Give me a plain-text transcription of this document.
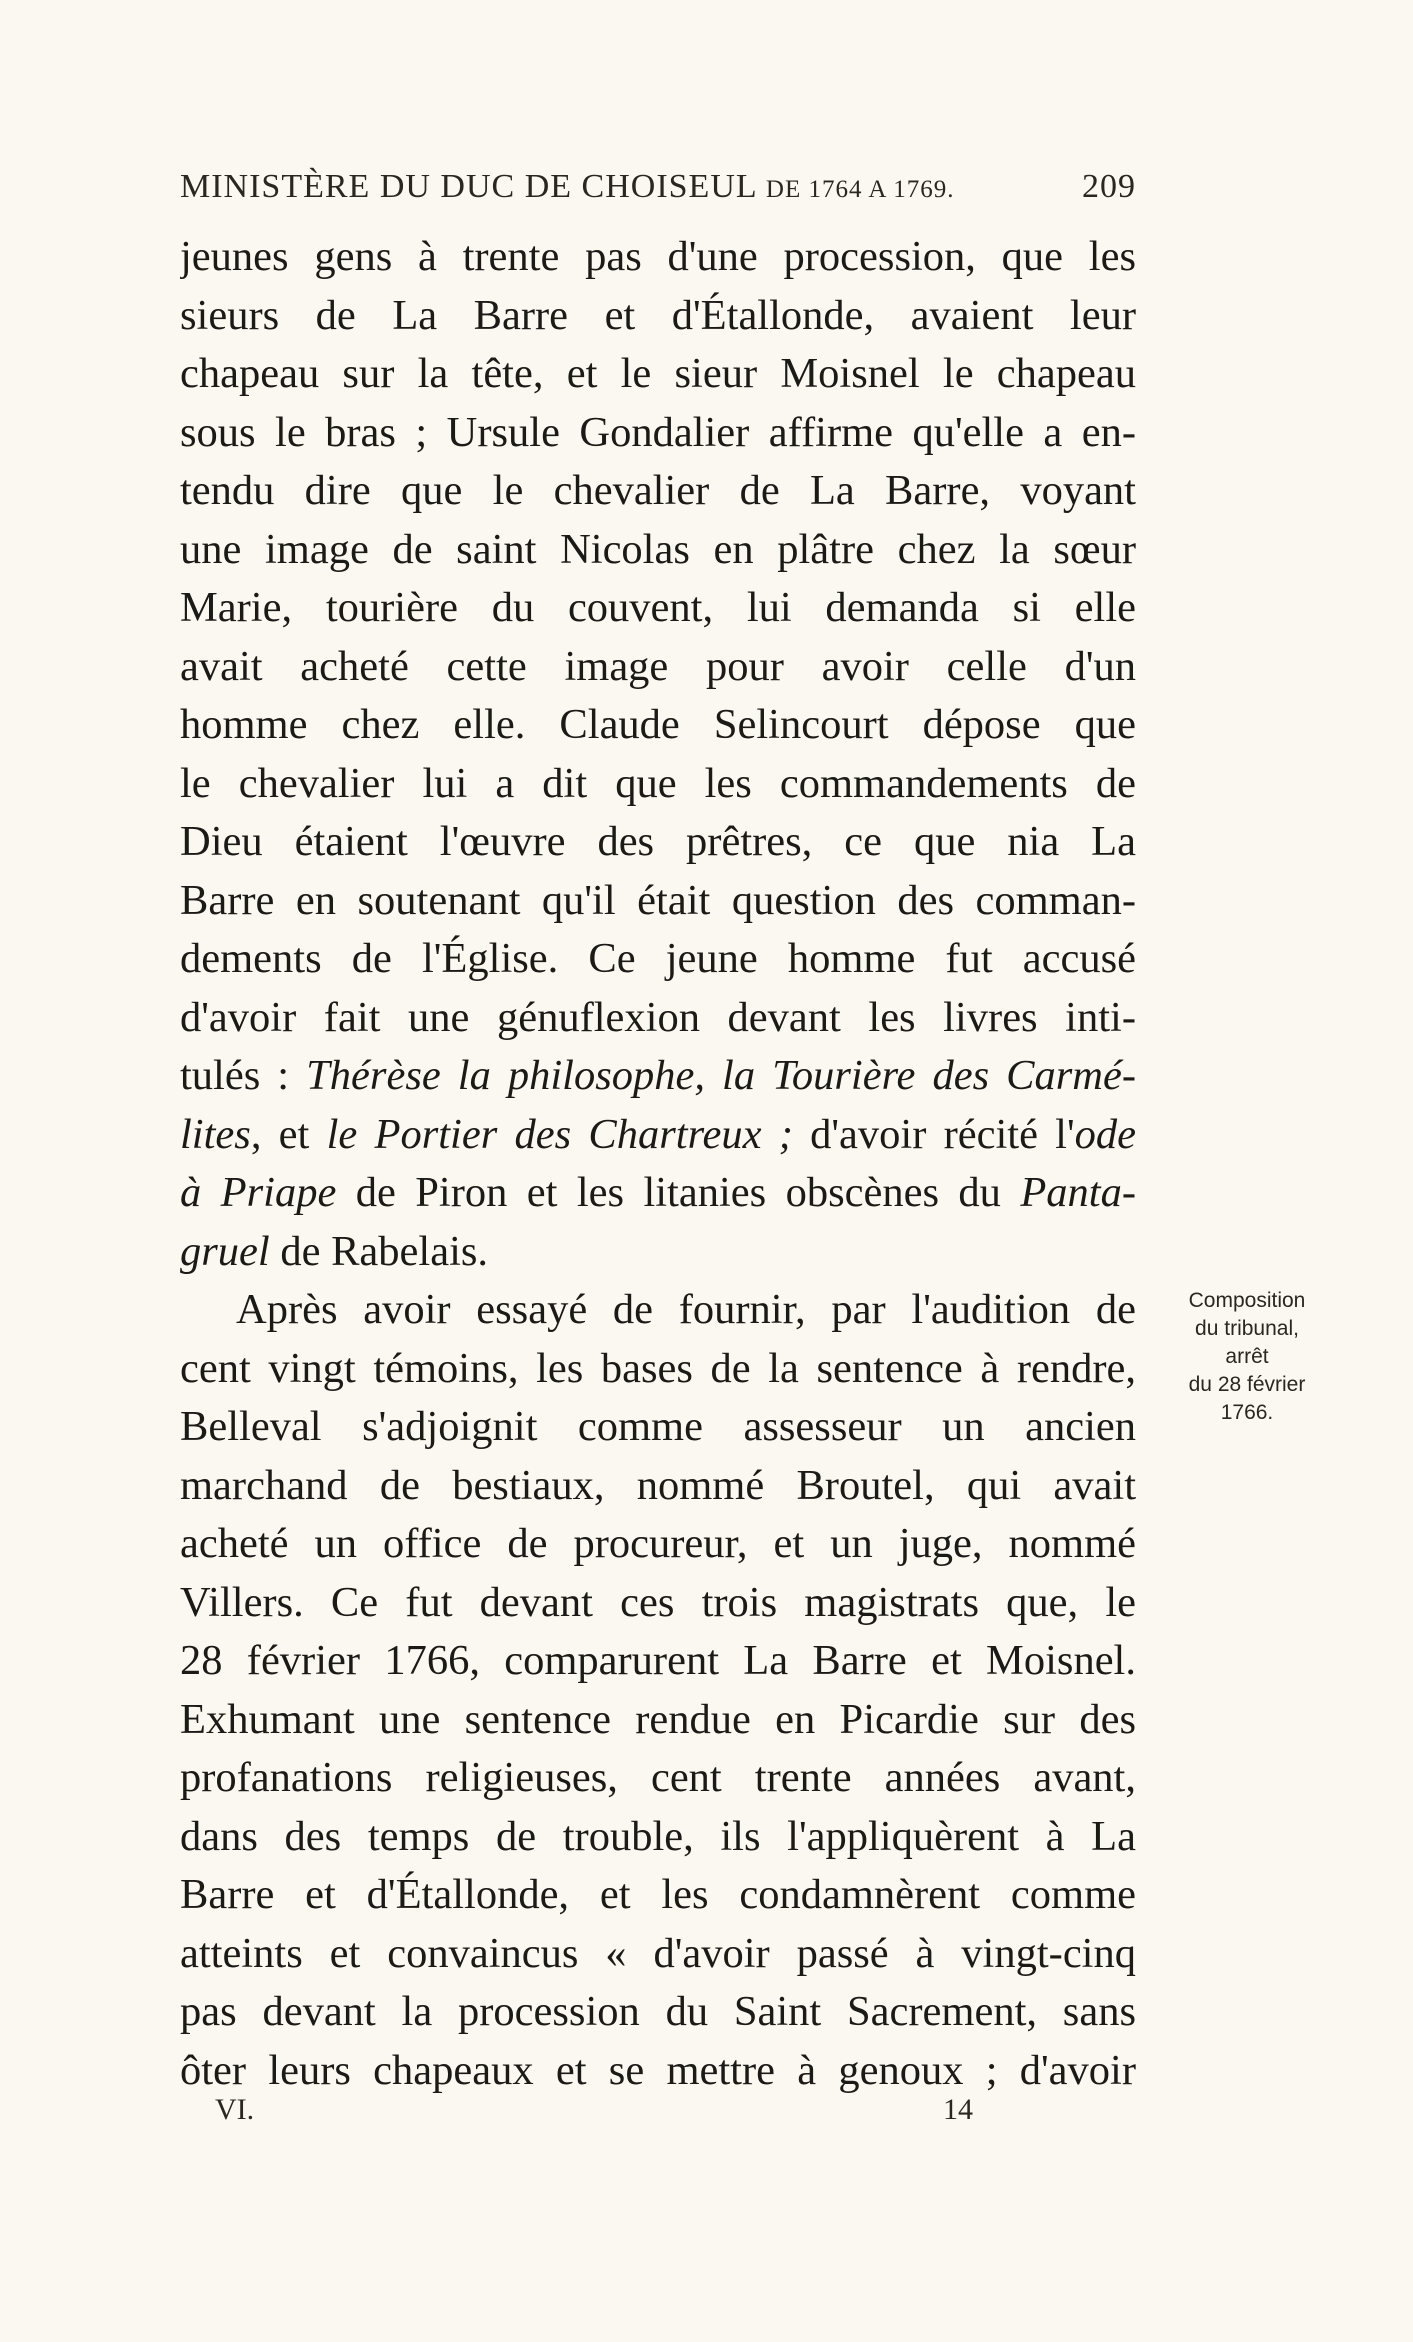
MINISTÈRE DU DUC DE CHOISEUL DE 1764 A 1769.	209
jeunes gens à trente pas d'une procession, que les
sieurs de La Barre et d'Étallonde, avaient leur
chapeau sur la tête, et le sieur Moisnel le chapeau
sous le bras ; Ursule Gondalier affirme qu'elle a en-
tendu dire que le chevalier de La Barre, voyant
une image de saint Nicolas en plâtre chez la sœur
Marie, tourière du couvent, lui demanda si elle
avait acheté cette image pour avoir celle d'un
homme chez elle. Claude Selincourt dépose que
le chevalier lui a dit que les commandements de
Dieu étaient l'œuvre des prêtres, ce que nia La
Barre en soutenant qu'il était question des comman-
dements de l'Église. Ce jeune homme fut accusé
d'avoir fait une génuflexion devant les livres inti-
tulés : Thérèse la philosophe, la Tourière des Carmé-
lites, et le Portier des Chartreux ; d'avoir récité l'ode
à Priape de Piron et les litanies obscènes du Panta-
gruel de Rabelais.
Après avoir essayé de fournir, par l'audition de
cent vingt témoins, les bases de la sentence à rendre,
Belleval s'adjoignit comme assesseur un ancien
marchand de bestiaux, nommé Broutel, qui avait
acheté un office de procureur, et un juge, nommé
Villers. Ce fut devant ces trois magistrats que, le
28 février 1766, comparurent La Barre et Moisnel.
Exhumant une sentence rendue en Picardie sur des
profanations religieuses, cent trente années avant,
dans des temps de trouble, ils l'appliquèrent à La
Barre et d'Étallonde, et les condamnèrent comme
atteints et convaincus « d'avoir passé à vingt-cinq
pas devant la procession du Saint Sacrement, sans
ôter leurs chapeaux et se mettre à genoux ; d'avoir
Composition
du tribunal,
arrêt
du 28 février
1766.
VI.	14
